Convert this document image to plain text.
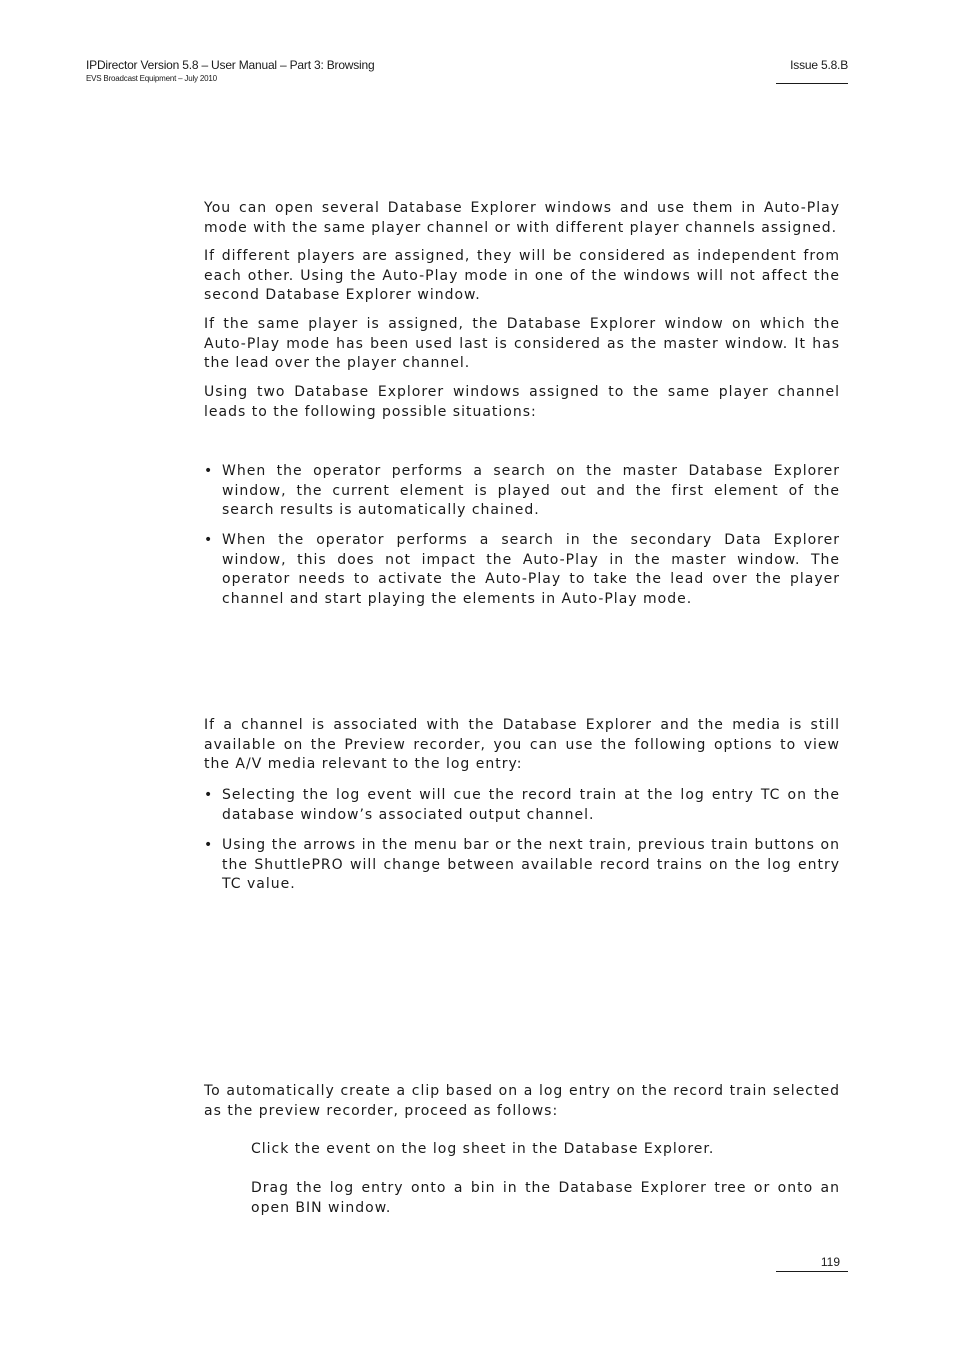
IPDirector Version 5.8 – User Manual – Part 3: Browsing
EVS Broadcast Equipment – July 2010
Issue 5.8.B

You can open several Database Explorer windows and use them in Auto-Play mode with the same player channel or with different player channels assigned.

If different players are assigned, they will be considered as independent from each other. Using the Auto-Play mode in one of the windows will not affect the second Database Explorer window.

If the same player is assigned, the Database Explorer window on which the Auto-Play mode has been used last is considered as the master window. It has the lead over the player channel.

Using two Database Explorer windows assigned to the same player channel leads to the following possible situations:

• When the operator performs a search on the master Database Explorer window, the current element is played out and the first element of the search results is automatically chained.
• When the operator performs a search in the secondary Data Explorer window, this does not impact the Auto-Play in the master window. The operator needs to activate the Auto-Play to take the lead over the player channel and start playing the elements in Auto-Play mode.

If a channel is associated with the Database Explorer and the media is still available on the Preview recorder, you can use the following options to view the A/V media relevant to the log entry:

• Selecting the log event will cue the record train at the log entry TC on the database window’s associated output channel.
• Using the arrows in the menu bar or the next train, previous train buttons on the ShuttlePRO will change between available record trains on the log entry TC value.

To automatically create a clip based on a log entry on the record train selected as the preview recorder, proceed as follows:

Click the event on the log sheet in the Database Explorer.

Drag the log entry onto a bin in the Database Explorer tree or onto an open BIN window.

119
